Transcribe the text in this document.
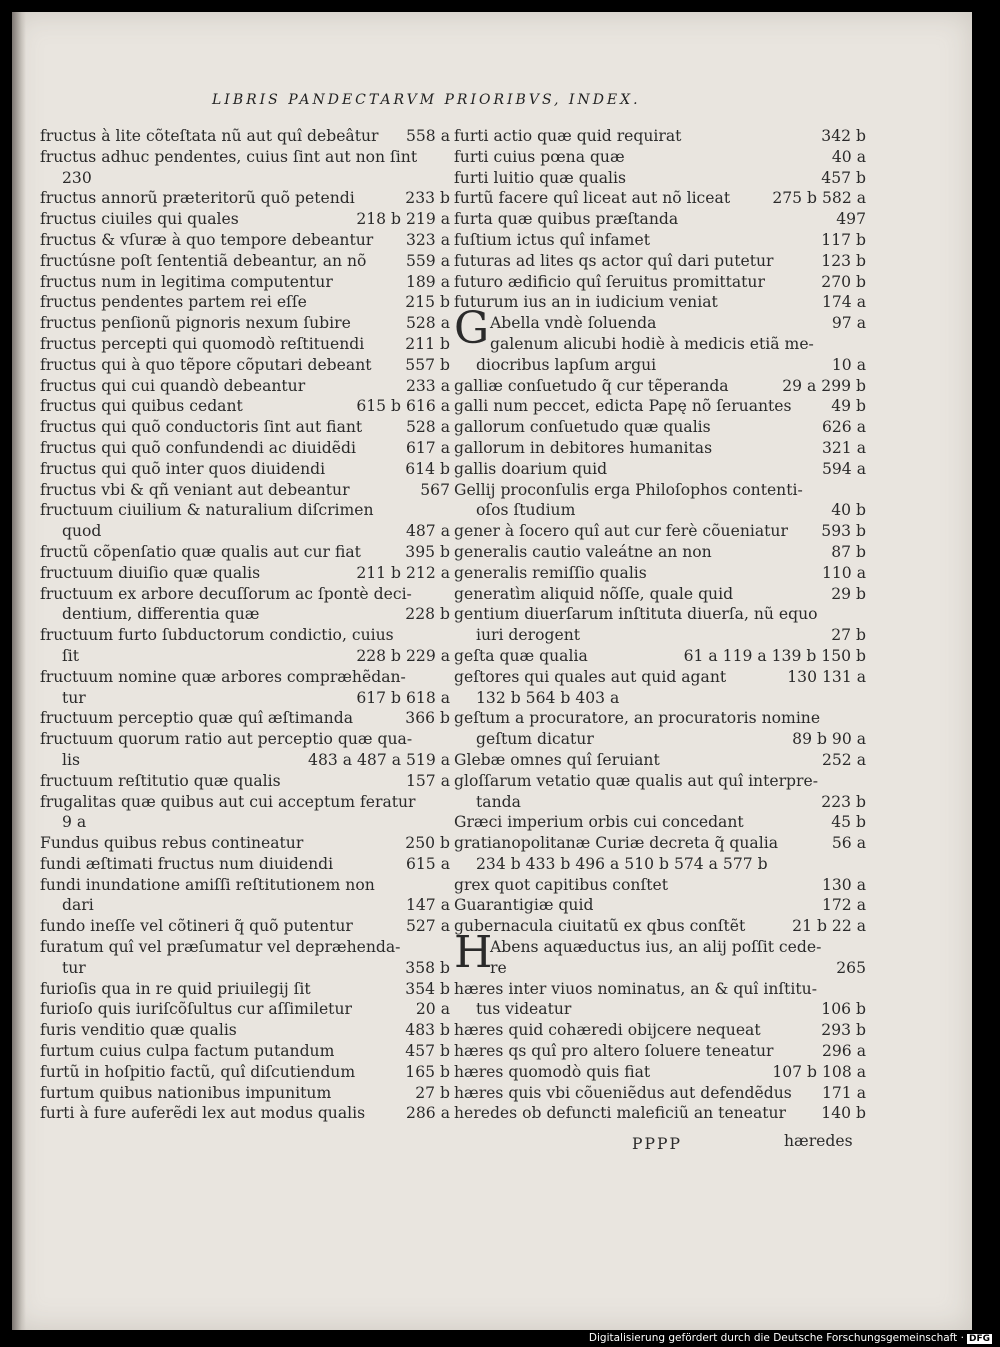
LIBRIS PANDECTARVM PRIORIBVS, INDEX.
fructus à lite cõteſtata nũ aut quî debeâtur 558 a
fructus adhuc pendentes, cuius ſint aut non ſint
230
fructus annorũ præteritorũ quõ petendi	233 b
fructus ciuiles qui quales	218 b 219 a
fructus & vſuræ à quo tempore debeantur 323 a
fructúsne poſt ſententiã debeantur, an nõ	559 a
fructus num in legitima computentur	189 a
fructus pendentes partem rei eſſe	215 b
fructus penſionũ pignoris nexum ſubire	528 a
fructus percepti qui quomodò reſtituendi	211 b
fructus qui à quo tẽpore cõputari debeant 557 b
fructus qui cui quandò debeantur	233 a
fructus qui quibus cedant	615 b 616 a
fructus qui quõ conductoris ſint aut fiant	528 a
fructus qui quõ confundendi ac diuidẽdi	617 a
fructus qui quõ inter quos diuidendi	614 b
fructus vbi & qñ veniant aut debeantur	567
fructuum ciuilium & naturalium diſcrimen
quod	487 a
fructũ cõpenſatio quæ qualis aut cur fiat	395 b
fructuum diuiſio quæ qualis	211 b 212 a
fructuum ex arbore decuſſorum ac ſpontè deci-
dentium, differentia quæ	228 b
fructuum furto ſubductorum condictio, cuius
ſit	228 b 229 a
fructuum nomine quæ arbores compræhẽdan-
tur	617 b 618 a
fructuum perceptio quæ quî æſtimanda	366 b
fructuum quorum ratio aut perceptio quæ qua-
lis	483 a 487 a 519 a
fructuum reſtitutio quæ qualis	157 a
frugalitas quæ quibus aut cui acceptum feratur
9 a
Fundus quibus rebus contineatur	250 b
fundi æſtimati fructus num diuidendi	615 a
fundi inundatione amiſſi reſtitutionem non
dari	147 a
fundo ineſſe vel cõtineri q̃ quõ putentur	527 a
furatum quî vel præſumatur vel depræhenda-
tur	358 b
furioſis qua in re quid priuilegij ſit	354 b
furioſo quis iuriſcõſultus cur aſſimiletur	20 a
furis venditio quæ qualis	483 b
furtum cuius culpa factum putandum	457 b
furtũ in hoſpitio factũ, quî diſcutiendum	165 b
furtum quibus nationibus impunitum	27 b
furti à fure auferẽdi lex aut modus qualis	286 a
furti actio quæ quid requirat	342 b
furti cuius pœna quæ	40 a
furti luitio quæ qualis	457 b
furtũ facere quî liceat aut nõ liceat	275 b 582 a
furta quæ quibus præſtanda	497
fuſtium ictus quî infamet	117 b
futuras ad lites qs actor quî dari putetur	123 b
futuro ædificio quî ſeruitus promittatur	270 b
futurum ius an in iudicium veniat	174 a
Abella vndè ſoluenda	97 a
G galenum alicubi hodiè à medicis etiã me-
diocribus lapſum argui	10 a
galliæ conſuetudo q̃ cur tẽperanda	29 a 299 b
galli num peccet, edicta Papę nõ ſeruantes	49 b
gallorum conſuetudo quæ qualis	626 a
gallorum in debitores humanitas	321 a
gallis doarium quid	594 a
Gellij proconſulis erga Philoſophos contenti-
oſos ſtudium	40 b
gener à ſocero quî aut cur ferè cõueniatur 593 b
generalis cautio valeátne an non	87 b
generalis remiſſio qualis	110 a
generatìm aliquid nõſſe, quale quid	29 b
gentium diuerſarum inſtituta diuerſa, nũ equo
iuri derogent	27 b
geſta quæ qualia	61 a 119 a 139 b 150 b
geſtores qui quales aut quid agant	130 131 a
132 b 564 b 403 a
geſtum a procuratore, an procuratoris nomine
geſtum dicatur	89 b 90 a
Glebæ omnes quî ſeruiant	252 a
gloſſarum vetatio quæ qualis aut quî interpre-
tanda	223 b
Græci imperium orbis cui concedant	45 b
gratianopolitanæ Curiæ decreta q̃ qualia	56 a
234 b 433 b 496 a 510 b 574 a 577 b
grex quot capitibus conſtet	130 a
Guarantigiæ quid	172 a
gubernacula ciuitatũ ex qbus conſtẽt	21 b 22 a
Abens aquæductus ius, an alij poſſit cede-
H
re	265
hæres inter viuos nominatus, an & quî inſtitu-
tus videatur	106 b
hæres quid cohæredi obijcere nequeat	293 b
hæres qs quî pro altero ſoluere teneatur	296 a
hæres quomodò quis fiat	107 b 108 a
hæres quis vbi cõueniẽdus aut defendẽdus 171 a
heredes ob defuncti maleficiũ an teneatur 140 b
PPPP	hæredes
Digitalisierung gefördert durch die Deutsche Forschungsgemeinschaft · DFG
